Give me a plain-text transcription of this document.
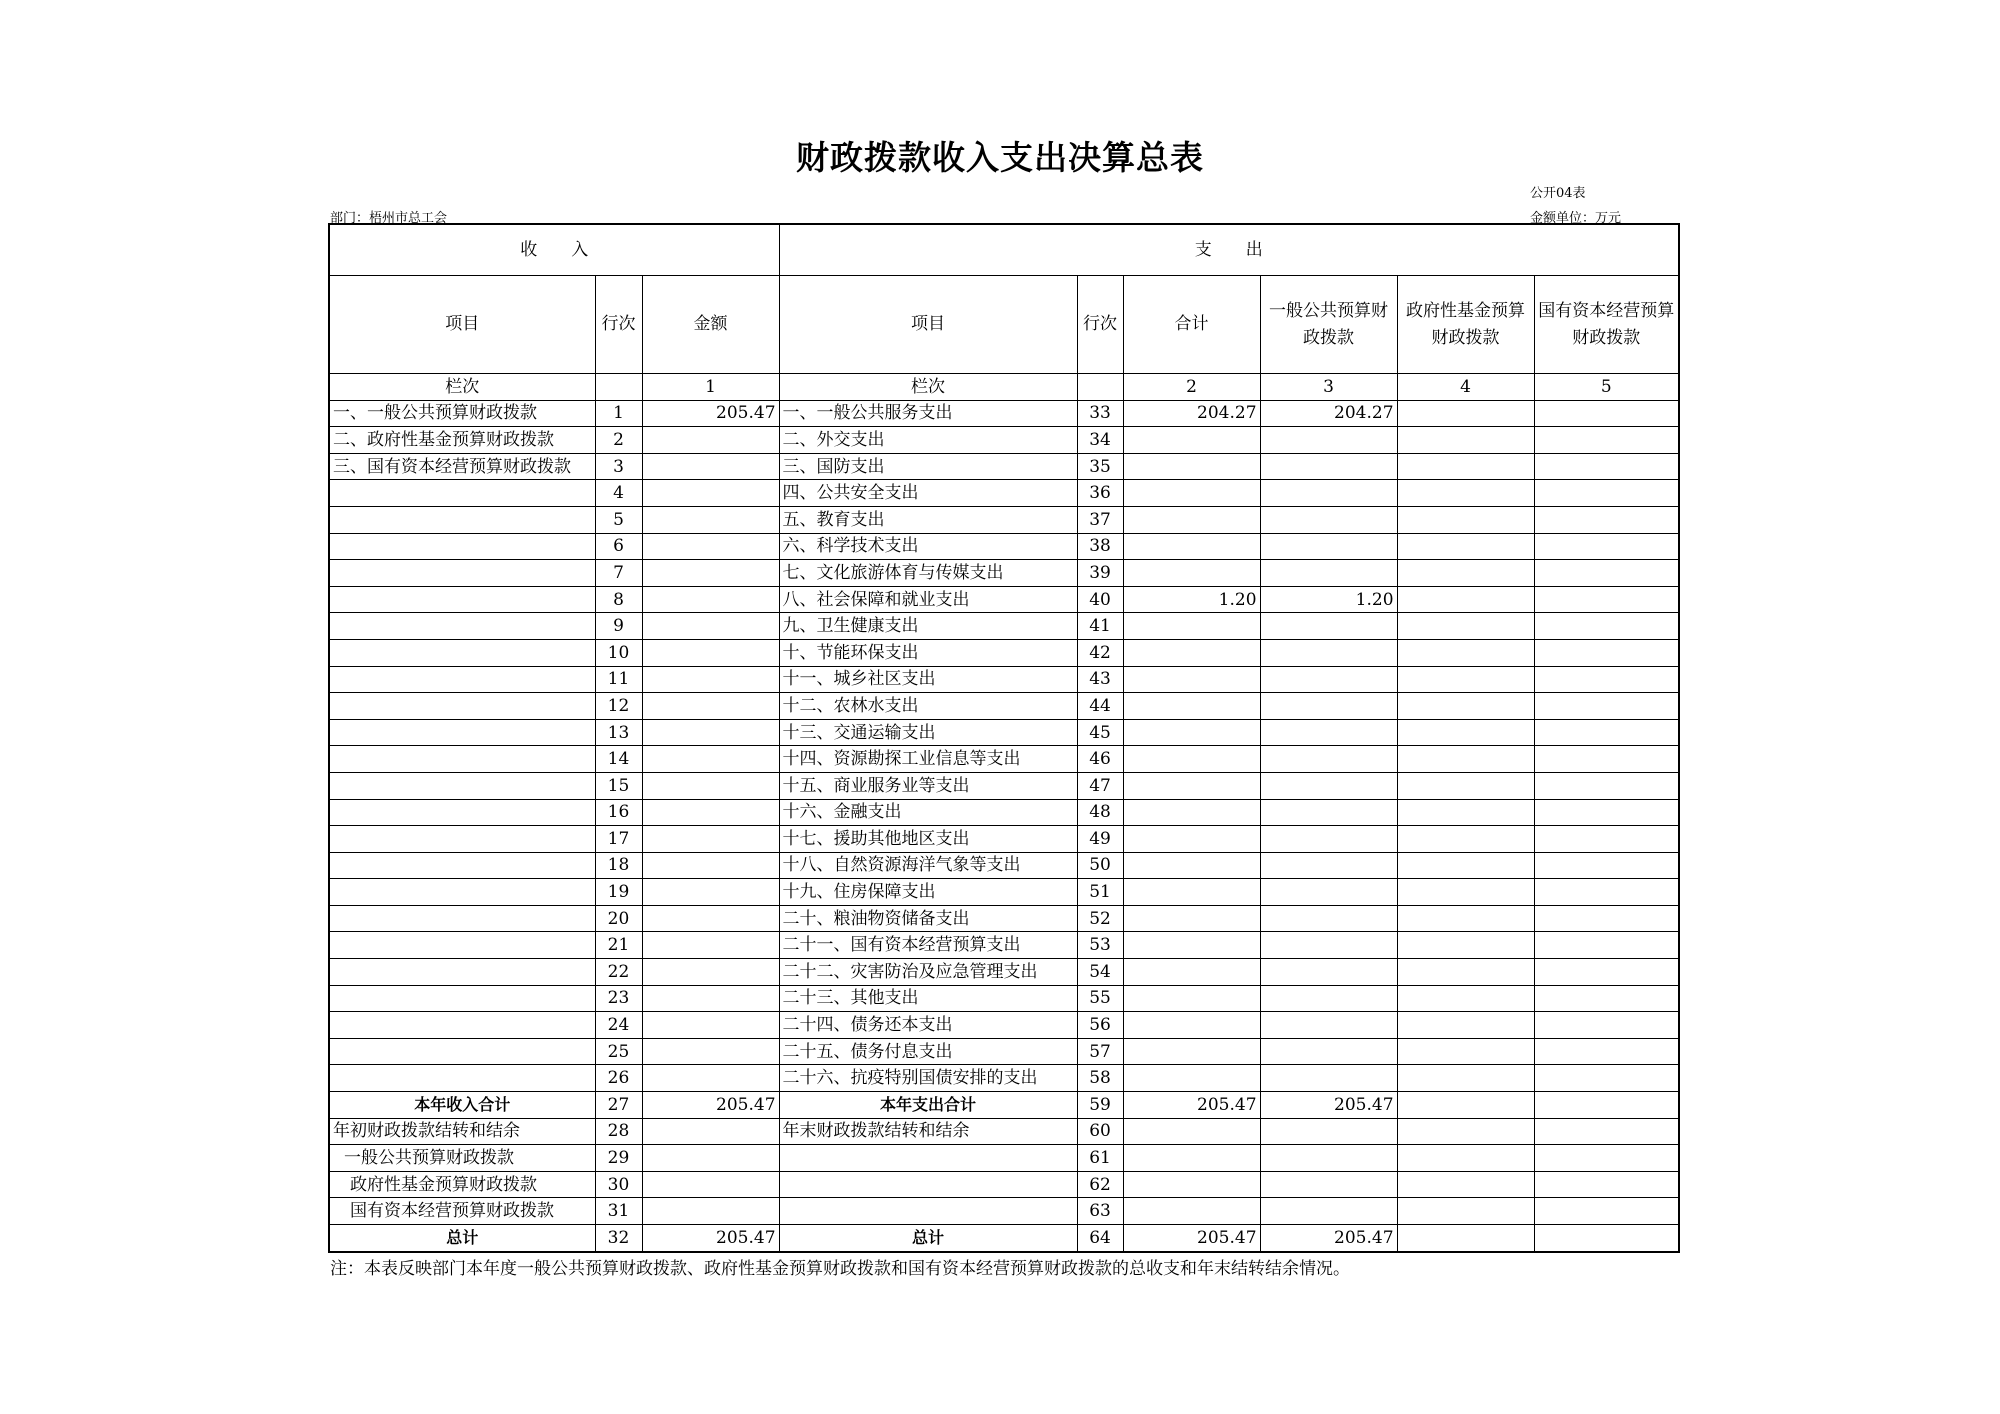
财政拨款收入支出决算总表
公开04表
部门：梧州市总工会	金额单位：万元
收　　入			支　　出					
项目	行次	金额	项目	行次	合计	一般公共预算财政拨款	政府性基金预算财政拨款	国有资本经营预算财政拨款
栏次		1	栏次		2	3	4	5
一、一般公共预算财政拨款	1	205.47	一、一般公共服务支出	33	204.27	204.27		
二、政府性基金预算财政拨款	2		二、外交支出	34				
三、国有资本经营预算财政拨款	3		三、国防支出	35				
	4		四、公共安全支出	36				
	5		五、教育支出	37				
	6		六、科学技术支出	38				
	7		七、文化旅游体育与传媒支出	39				
	8		八、社会保障和就业支出	40	1.20	1.20		
	9		九、卫生健康支出	41				
	10		十、节能环保支出	42				
	11		十一、城乡社区支出	43				
	12		十二、农林水支出	44				
	13		十三、交通运输支出	45				
	14		十四、资源勘探工业信息等支出	46				
	15		十五、商业服务业等支出	47				
	16		十六、金融支出	48				
	17		十七、援助其他地区支出	49				
	18		十八、自然资源海洋气象等支出	50				
	19		十九、住房保障支出	51				
	20		二十、粮油物资储备支出	52				
	21		二十一、国有资本经营预算支出	53				
	22		二十二、灾害防治及应急管理支出	54				
	23		二十三、其他支出	55				
	24		二十四、债务还本支出	56				
	25		二十五、债务付息支出	57				
	26		二十六、抗疫特别国债安排的支出	58				
本年收入合计	27	205.47	本年支出合计	59	205.47	205.47		
年初财政拨款结转和结余	28		年末财政拨款结转和结余	60				
一般公共预算财政拨款	29			61				
政府性基金预算财政拨款	30			62				
国有资本经营预算财政拨款	31			63				
总计	32	205.47	总计	64	205.47	205.47		
注：本表反映部门本年度一般公共预算财政拨款、政府性基金预算财政拨款和国有资本经营预算财政拨款的总收支和年末结转结余情况。
